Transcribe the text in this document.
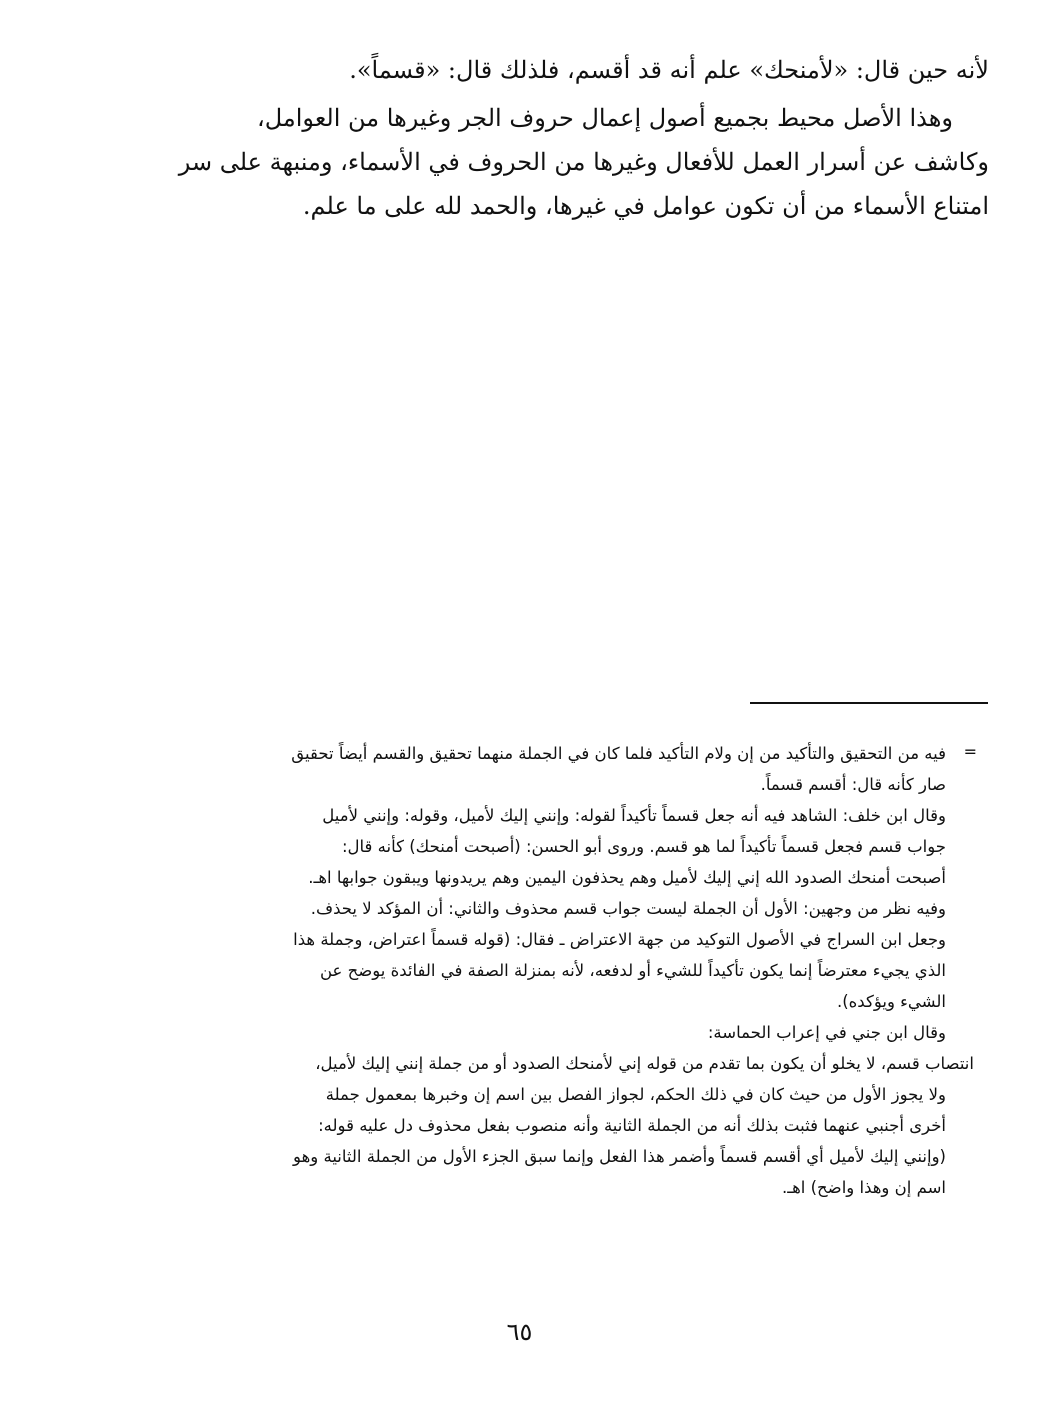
لأنه حين قال: «لأمنحك» علم أنه قد أقسم، فلذلك قال: «قسماً».

وهذا الأصل محيط بجميع أصول إعمال حروف الجر وغيرها من العوامل،

وكاشف عن أسرار العمل للأفعال وغيرها من الحروف في الأسماء، ومنبهة على سر

امتناع الأسماء من أن تكون عوامل في غيرها، والحمد لله على ما علم.

=

فيه من التحقيق والتأكيد من إن ولام التأكيد فلما كان في الجملة منهما تحقيق والقسم أيضاً تحقيق

صار كأنه قال: أقسم قسماً.

وقال ابن خلف: الشاهد فيه أنه جعل قسماً تأكيداً لقوله: وإنني إليك لأميل، وقوله: وإنني لأميل

جواب قسم فجعل قسماً تأكيداً لما هو قسم. وروى أبو الحسن: (أصبحت أمنحك) كأنه قال:

أصبحت أمنحك الصدود الله إني إليك لأميل وهم يحذفون اليمين وهم يريدونها ويبقون جوابها اهـ.

وفيه نظر من وجهين: الأول أن الجملة ليست جواب قسم محذوف والثاني: أن المؤكد لا يحذف.

وجعل ابن السراج في الأصول التوكيد من جهة الاعتراض ـ فقال: (قوله قسماً اعتراض، وجملة هذا

الذي يجيء معترضاً إنما يكون تأكيداً للشيء أو لدفعه، لأنه بمنزلة الصفة في الفائدة يوضح عن

الشيء ويؤكده).

وقال ابن جني في إعراب الحماسة:

انتصاب قسم، لا يخلو أن يكون بما تقدم من قوله إني لأمنحك الصدود أو من جملة إنني إليك لأميل،

ولا يجوز الأول من حيث كان في ذلك الحكم، لجواز الفصل بين اسم إن وخبرها بمعمول جملة

أخرى أجنبي عنهما فثبت بذلك أنه من الجملة الثانية وأنه منصوب بفعل محذوف دل عليه قوله:

(وإنني إليك لأميل أي أقسم قسماً وأضمر هذا الفعل وإنما سبق الجزء الأول من الجملة الثانية وهو

اسم إن وهذا واضح) اهـ.

٦٥
